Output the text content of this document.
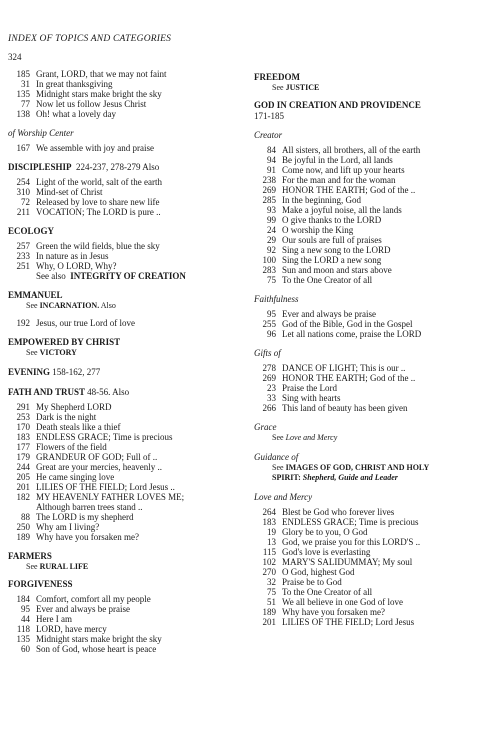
INDEX OF TOPICS AND CATEGORIES
324
185 Grant, LORD, that we may not faint
31 In great thanksgiving
135 Midnight stars make bright the sky
77 Now let us follow Jesus Christ
138 Oh! what a lovely day
of Worship Center
167 We assemble with joy and praise
DISCIPLESHIP 224-237, 278-279 Also
254 Light of the world, salt of the earth
310 Mind-set of Christ
72 Released by love to share new life
211 VOCATION; The LORD is pure ..
ECOLOGY
257 Green the wild fields, blue the sky
233 In nature as in Jesus
251 Why, O LORD, Why?
See also INTEGRITY OF CREATION
EMMANUEL
See INCARNATION. Also
192 Jesus, our true Lord of love
EMPOWERED BY CHRIST
See VICTORY
EVENING 158-162, 277
FATH AND TRUST 48-56. Also
291 My Shepherd LORD
253 Dark is the night
170 Death steals like a thief
183 ENDLESS GRACE; Time is precious
177 Flowers of the field
179 GRANDEUR OF GOD; Full of ..
244 Great are your mercies, heavenly ..
205 He came singing love
201 LILIES OF THE FIELD; Lord Jesus ..
182 MY HEAVENLY FATHER LOVES ME;
Although barren trees stand ..
88 The LORD is my shepherd
250 Why am I living?
189 Why have you forsaken me?
FARMERS
See RURAL LIFE
FORGIVENESS
184 Comfort, comfort all my people
95 Ever and always be praise
44 Here I am
118 LORD, have mercy
135 Midnight stars make bright the sky
60 Son of God, whose heart is peace
FREEDOM
See JUSTICE
GOD IN CREATION AND PROVIDENCE
171-185
Creator
84 All sisters, all brothers, all of the earth
94 Be joyful in the Lord, all lands
91 Come now, and lift up your hearts
238 For the man and for the woman
269 HONOR THE EARTH; God of the ..
285 In the beginning, God
93 Make a joyful noise, all the lands
99 O give thanks to the LORD
24 O worship the King
29 Our souls are full of praises
92 Sing a new song to the LORD
100 Sing the LORD a new song
283 Sun and moon and stars above
75 To the One Creator of all
Faithfulness
95 Ever and always be praise
255 God of the Bible, God in the Gospel
96 Let all nations come, praise the LORD
Gifts of
278 DANCE OF LIGHT; This is our ..
269 HONOR THE EARTH; God of the ..
23 Praise the Lord
33 Sing with hearts
266 This land of beauty has been given
Grace
See Love and Mercy
Guidance of
See IMAGES OF GOD, CHRIST AND HOLY
SPIRIT: Shepherd, Guide and Leader
Love and Mercy
264 Blest be God who forever lives
183 ENDLESS GRACE; Time is precious
19 Glory be to you, O God
13 God, we praise you for this LORD'S ..
115 God's love is everlasting
102 MARY'S SALIDUMMAY; My soul
270 O God, highest God
32 Praise be to God
75 To the One Creator of all
51 We all believe in one God of love
189 Why have you forsaken me?
201 LILIES OF THE FIELD; Lord Jesus
